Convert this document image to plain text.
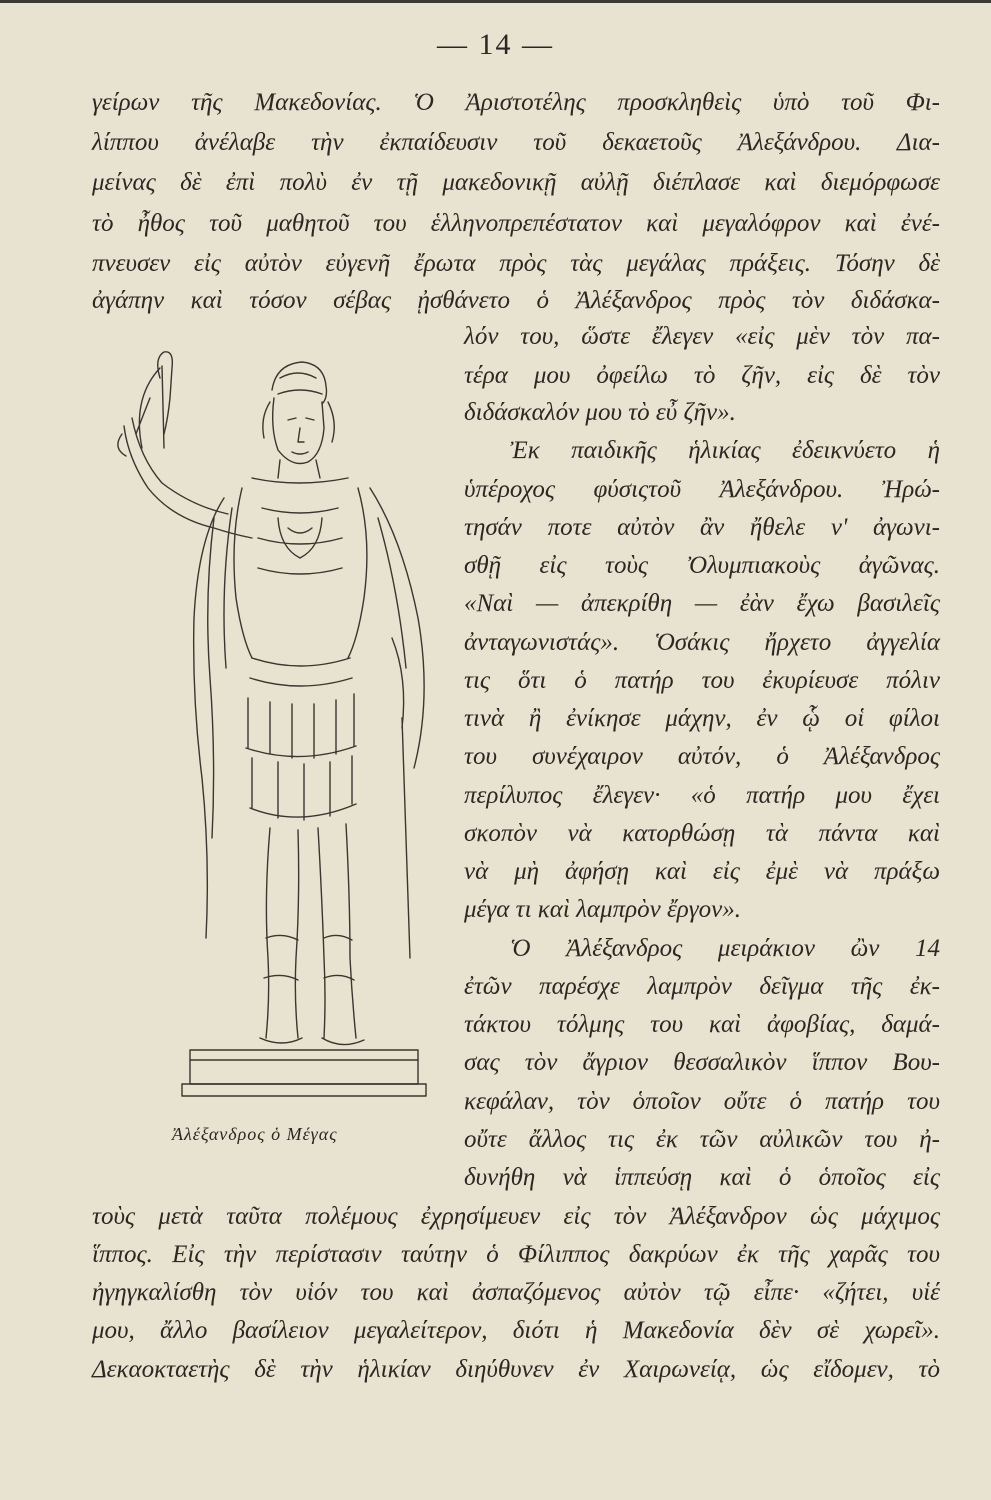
— 14 —
γείρων τῆς Μακεδονίας. Ὁ Ἀριστοτέλης προσκληθεὶς ὑπὸ τοῦ Φι-
λίππου ἀνέλαβε τὴν ἐκπαίδευσιν τοῦ δεκαετοῦς Ἀλεξάνδρου. Δια-
μείνας δὲ ἐπὶ πολὺ ἐν τῇ μακεδονικῇ αὐλῇ διέπλασε καὶ διεμόρφωσε
τὸ ἦθος τοῦ μαθητοῦ του ἑλληνοπρεπέστατον καὶ μεγαλόφρον καὶ ἐνέ-
πνευσεν εἰς αὐτὸν εὐγενῆ ἔρωτα πρὸς τὰς μεγάλας πράξεις. Τόσην δὲ
ἀγάπην καὶ τόσον σέβας ᾐσθάνετο ὁ Ἀλέξανδρος πρὸς τὸν διδάσκα-
λόν του, ὥστε ἔλεγεν «εἰς μὲν τὸν πα-
τέρα μου ὀφείλω τὸ ζῆν, εἰς δὲ τὸν
διδάσκαλόν μου τὸ εὖ ζῆν».
Ἐκ παιδικῆς ἡλικίας ἐδεικνύετο ἡ
ὑπέροχος φύσιςτοῦ Ἀλεξάνδρου. Ἠρώ-
τησάν ποτε αὐτὸν ἂν ἤθελε ν' ἀγωνι-
σθῇ εἰς τοὺς Ὀλυμπιακοὺς ἀγῶνας.
«Ναὶ — ἀπεκρίθη — ἐὰν ἔχω βασιλεῖς
ἀνταγωνιστάς». Ὁσάκις ἤρχετο ἀγγελία
τις ὅτι ὁ πατήρ του ἐκυρίευσε πόλιν
τινὰ ἢ ἐνίκησε μάχην, ἐν ᾧ οἱ φίλοι
του συνέχαιρον αὐτόν, ὁ Ἀλέξανδρος
περίλυπος ἔλεγεν· «ὁ πατήρ μου ἔχει
σκοπὸν νὰ κατορθώσῃ τὰ πάντα καὶ
νὰ μὴ ἀφήσῃ καὶ εἰς ἐμὲ νὰ πράξω
μέγα τι καὶ λαμπρὸν ἔργον».
Ὁ Ἀλέξανδρος μειράκιον ὢν 14
ἐτῶν παρέσχε λαμπρὸν δεῖγμα τῆς ἐκ-
τάκτου τόλμης του καὶ ἀφοβίας, δαμά-
σας τὸν ἄγριον θεσσαλικὸν ἵππον Βου-
κεφάλαν, τὸν ὁποῖον οὔτε ὁ πατήρ του
οὔτε ἄλλος τις ἐκ τῶν αὐλικῶν του ἠ-
δυνήθη νὰ ἱππεύσῃ καὶ ὁ ὁποῖος εἰς
τοὺς μετὰ ταῦτα πολέμους ἐχρησίμευεν εἰς τὸν Ἀλέξανδρον ὡς μάχιμος
ἵππος. Εἰς τὴν περίστασιν ταύτην ὁ Φίλιππος δακρύων ἐκ τῆς χαρᾶς του
ἠγηγκαλίσθη τὸν υἱόν του καὶ ἀσπαζόμενος αὐτὸν τῷ εἶπε· «ζήτει, υἱέ
μου, ἄλλο βασίλειον μεγαλείτερον, διότι ἡ Μακεδονία δὲν σὲ χωρεῖ».
Δεκαοκταετὴς δὲ τὴν ἡλικίαν διηύθυνεν ἐν Χαιρωνείᾳ, ὡς εἴδομεν, τὸ
Ἀλέξανδρος ὁ Μέγας
